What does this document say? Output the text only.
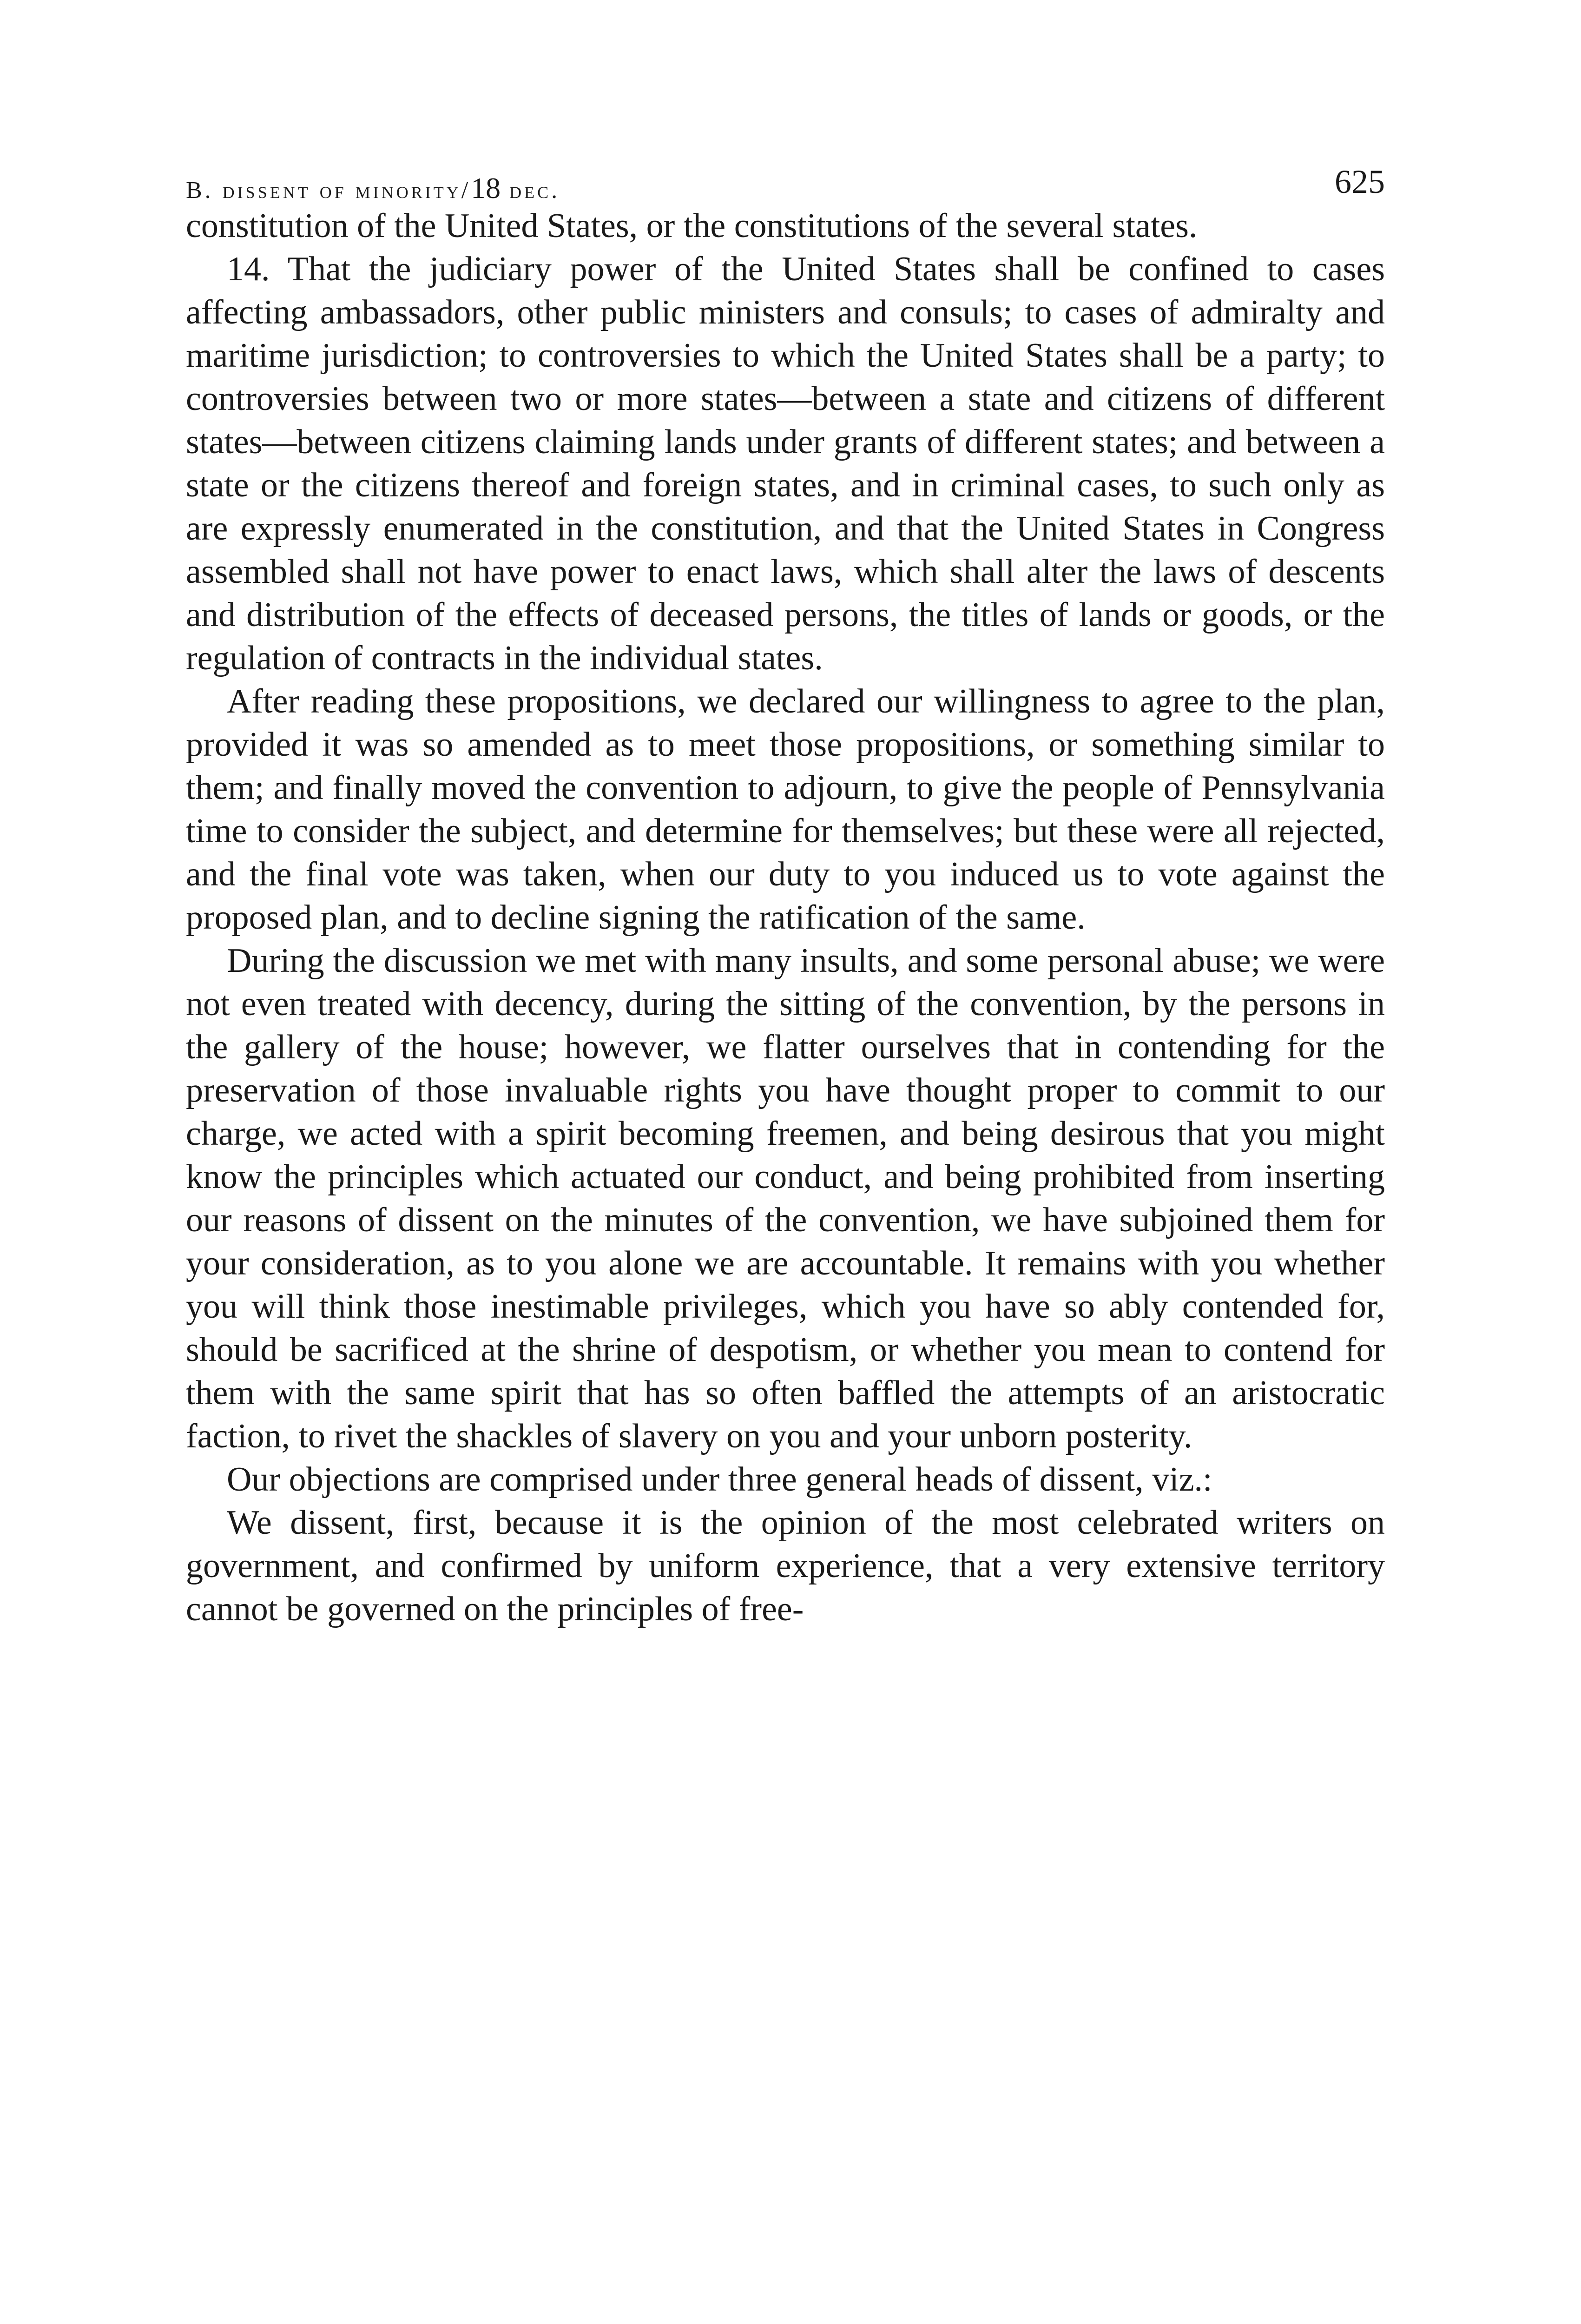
B. dissent of minority/18 dec.	625

constitution of the United States, or the constitutions of the several states.

14. That the judiciary power of the United States shall be confined to cases affecting ambassadors, other public ministers and consuls; to cases of admiralty and maritime jurisdiction; to controversies to which the United States shall be a party; to controversies between two or more states—between a state and citizens of different states—between citizens claiming lands under grants of different states; and between a state or the citizens thereof and foreign states, and in criminal cases, to such only as are expressly enumerated in the constitution, and that the United States in Congress assembled shall not have power to enact laws, which shall alter the laws of descents and distribution of the effects of deceased persons, the titles of lands or goods, or the regulation of contracts in the individual states.

After reading these propositions, we declared our willingness to agree to the plan, provided it was so amended as to meet those propositions, or something similar to them; and finally moved the convention to adjourn, to give the people of Pennsylvania time to consider the subject, and determine for themselves; but these were all rejected, and the final vote was taken, when our duty to you induced us to vote against the proposed plan, and to decline signing the ratification of the same.

During the discussion we met with many insults, and some personal abuse; we were not even treated with decency, during the sitting of the convention, by the persons in the gallery of the house; however, we flatter ourselves that in contending for the preservation of those invaluable rights you have thought proper to commit to our charge, we acted with a spirit becoming freemen, and being desirous that you might know the principles which actuated our conduct, and being prohibited from inserting our reasons of dissent on the minutes of the convention, we have subjoined them for your consideration, as to you alone we are accountable. It remains with you whether you will think those inestimable privileges, which you have so ably contended for, should be sacrificed at the shrine of despotism, or whether you mean to contend for them with the same spirit that has so often baffled the attempts of an aristocratic faction, to rivet the shackles of slavery on you and your unborn posterity.

Our objections are comprised under three general heads of dissent, viz.:

We dissent, first, because it is the opinion of the most celebrated writers on government, and confirmed by uniform experience, that a very extensive territory cannot be governed on the principles of free-
